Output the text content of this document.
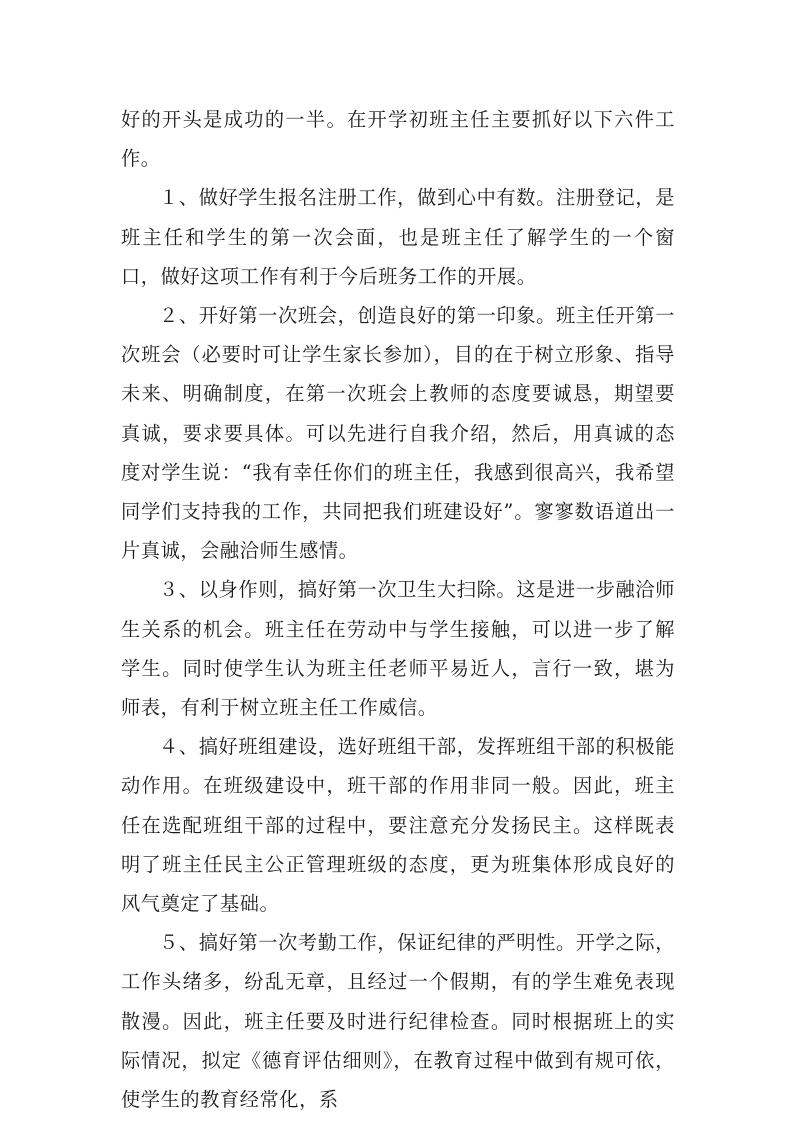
好的开头是成功的一半。在开学初班主任主要抓好以下六件工作。

１、做好学生报名注册工作，做到心中有数。注册登记，是班主任和学生的第一次会面，也是班主任了解学生的一个窗口，做好这项工作有利于今后班务工作的开展。

２、开好第一次班会，创造良好的第一印象。班主任开第一次班会（必要时可让学生家长参加），目的在于树立形象、指导未来、明确制度，在第一次班会上教师的态度要诚恳，期望要真诚，要求要具体。可以先进行自我介绍，然后，用真诚的态度对学生说：“我有幸任你们的班主任，我感到很高兴，我希望同学们支持我的工作，共同把我们班建设好”。寥寥数语道出一片真诚，会融洽师生感情。

３、以身作则，搞好第一次卫生大扫除。这是进一步融洽师生关系的机会。班主任在劳动中与学生接触，可以进一步了解学生。同时使学生认为班主任老师平易近人，言行一致，堪为师表，有利于树立班主任工作威信。

４、搞好班组建设，选好班组干部，发挥班组干部的积极能动作用。在班级建设中，班干部的作用非同一般。因此，班主任在选配班组干部的过程中，要注意充分发扬民主。这样既表明了班主任民主公正管理班级的态度，更为班集体形成良好的风气奠定了基础。

５、搞好第一次考勤工作，保证纪律的严明性。开学之际，工作头绪多，纷乱无章，且经过一个假期，有的学生难免表现散漫。因此，班主任要及时进行纪律检查。同时根据班上的实际情况，拟定《德育评估细则》，在教育过程中做到有规可依，使学生的教育经常化，系
